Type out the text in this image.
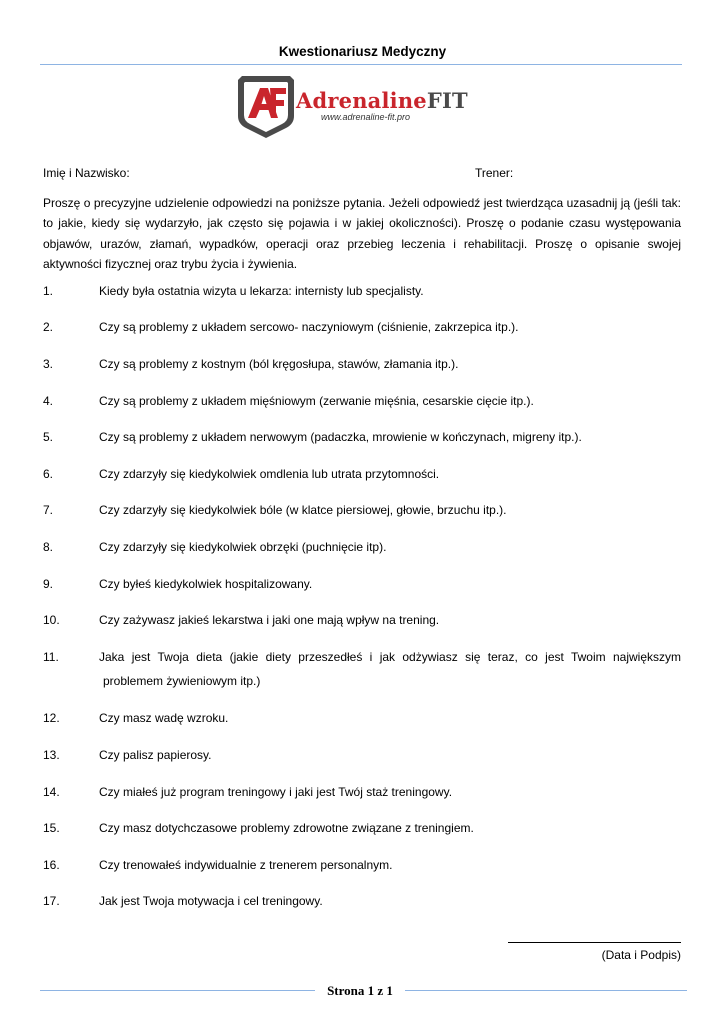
Kwestionariusz Medyczny
AdrenalineFIT
www.adrenaline-fit.pro
Imię i Nazwisko:	Trener:
Proszę o precyzyjne udzielenie odpowiedzi na poniższe pytania. Jeżeli odpowiedź jest twierdząca uzasadnij ją (jeśli tak: to jakie, kiedy się wydarzyło, jak często się pojawia i w jakiej okoliczności). Proszę o podanie czasu występowania objawów, urazów, złamań, wypadków, operacji oraz przebieg leczenia i rehabilitacji. Proszę o opisanie swojej aktywności fizycznej oraz trybu życia i żywienia.
1.	Kiedy była ostatnia wizyta u lekarza: internisty lub specjalisty.
2.	Czy są problemy z układem sercowo- naczyniowym (ciśnienie, zakrzepica itp.).
3.	Czy są problemy z kostnym (ból kręgosłupa, stawów, złamania itp.).
4.	Czy są problemy z układem mięśniowym (zerwanie mięśnia, cesarskie cięcie itp.).
5.	Czy są problemy z układem nerwowym (padaczka, mrowienie w kończynach, migreny itp.).
6.	Czy zdarzyły się kiedykolwiek omdlenia lub utrata przytomności.
7.	Czy zdarzyły się kiedykolwiek bóle (w klatce piersiowej, głowie, brzuchu itp.).
8.	Czy zdarzyły się kiedykolwiek obrzęki (puchnięcie itp).
9.	Czy byłeś kiedykolwiek hospitalizowany.
10.	Czy zażywasz jakieś lekarstwa i jaki one mają wpływ na trening.
11.	Jaka jest Twoja dieta (jakie diety przeszedłeś i jak odżywiasz się teraz, co jest Twoim największym
problemem żywieniowym itp.)
12.	Czy masz wadę wzroku.
13.	Czy palisz papierosy.
14.	Czy miałeś już program treningowy i jaki jest Twój staż treningowy.
15.	Czy masz dotychczasowe problemy zdrowotne związane z treningiem.
16.	Czy trenowałeś indywidualnie z trenerem personalnym.
17.	Jak jest Twoja motywacja i cel treningowy.
(Data i Podpis)
Strona 1 z 1
